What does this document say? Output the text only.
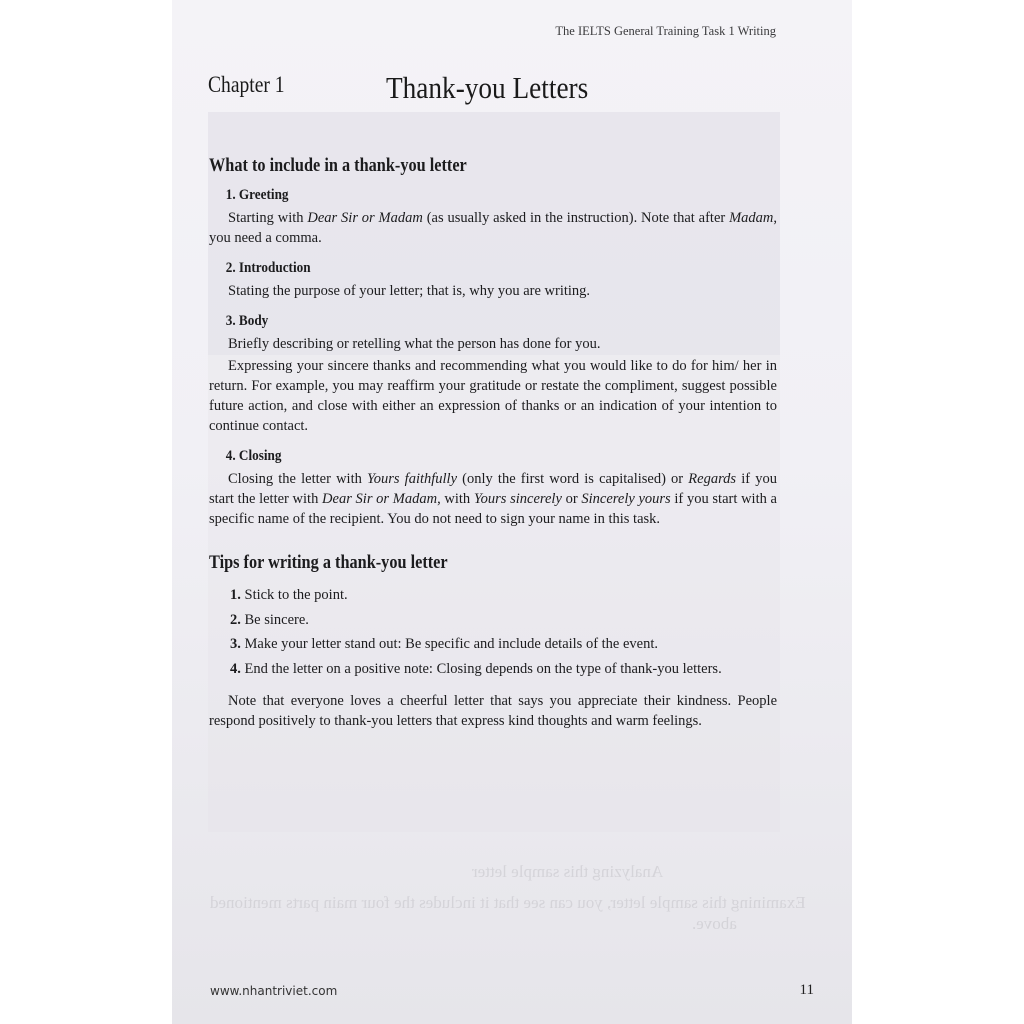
Analyzing this sample letter
Examining this sample letter, you can see that it includes the four main parts mentioned
above.
The IELTS General Training Task 1 Writing
Chapter 1	Thank-you Letters
What to include in a thank-you letter
1. Greeting

Starting with Dear Sir or Madam (as usually asked in the instruction). Note that after Madam, you need a comma.

2. Introduction

Stating the purpose of your letter; that is, why you are writing.

3. Body

Briefly describing or retelling what the person has done for you.

Expressing your sincere thanks and recommending what you would like to do for him/ her in return. For example, you may reaffirm your gratitude or restate the compliment, suggest possible future action, and close with either an expression of thanks or an indication of your intention to continue contact.

4. Closing

Closing the letter with Yours faithfully (only the first word is capitalised) or Regards if you start the letter with Dear Sir or Madam, with Yours sincerely or Sincerely yours if you start with a specific name of the recipient. You do not need to sign your name in this task.

Tips for writing a thank-you letter
1. Stick to the point.
2. Be sincere.
3. Make your letter stand out: Be specific and include details of the event.
4. End the letter on a positive note: Closing depends on the type of thank-you letters.

Note that everyone loves a cheerful letter that says you appreciate their kindness. People respond positively to thank-you letters that express kind thoughts and warm feelings.

www.nhantriviet.com	11
